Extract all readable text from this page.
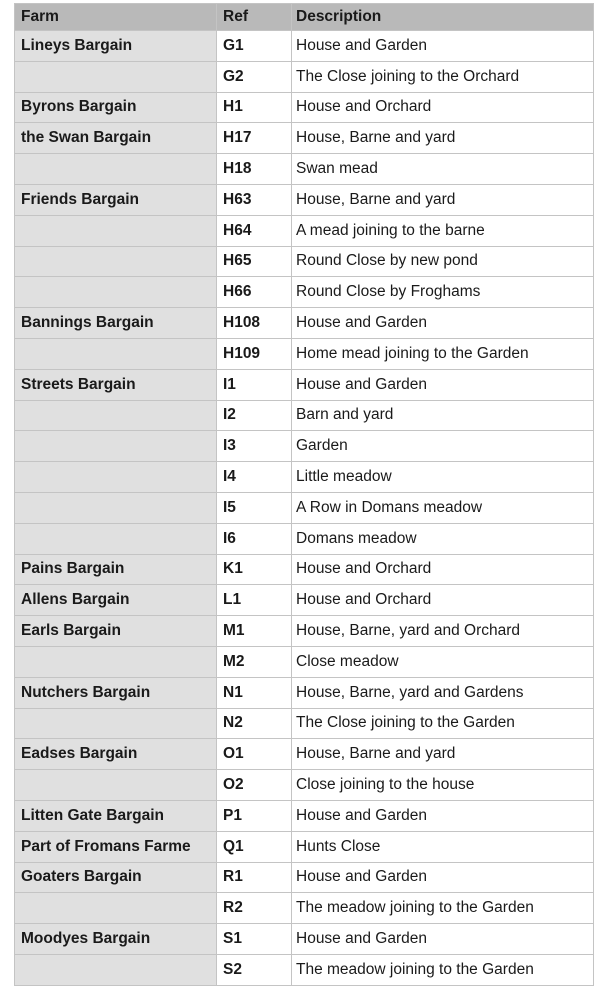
Farm	Ref	Description
Lineys Bargain	G1	House and Garden
	G2	The Close joining to the Orchard
Byrons Bargain	H1	House and Orchard
the Swan Bargain	H17	House, Barne and yard
	H18	Swan mead
Friends Bargain	H63	House, Barne and yard
	H64	A mead joining to the barne
	H65	Round Close by new pond
	H66	Round Close by Froghams
Bannings Bargain	H108	House and Garden
	H109	Home mead joining to the Garden
Streets Bargain	I1	House and Garden
	I2	Barn and yard
	I3	Garden
	I4	Little meadow
	I5	A Row in Domans meadow
	I6	Domans meadow
Pains Bargain	K1	House and Orchard
Allens Bargain	L1	House and Orchard
Earls Bargain	M1	House, Barne, yard and Orchard
	M2	Close meadow
Nutchers Bargain	N1	House, Barne, yard and Gardens
	N2	The Close joining to the Garden
Eadses Bargain	O1	House, Barne and yard
	O2	Close joining to the house
Litten Gate Bargain	P1	House and Garden
Part of Fromans Farme	Q1	Hunts Close
Goaters Bargain	R1	House and Garden
	R2	The meadow joining to the Garden
Moodyes Bargain	S1	House and Garden
	S2	The meadow joining to the Garden
